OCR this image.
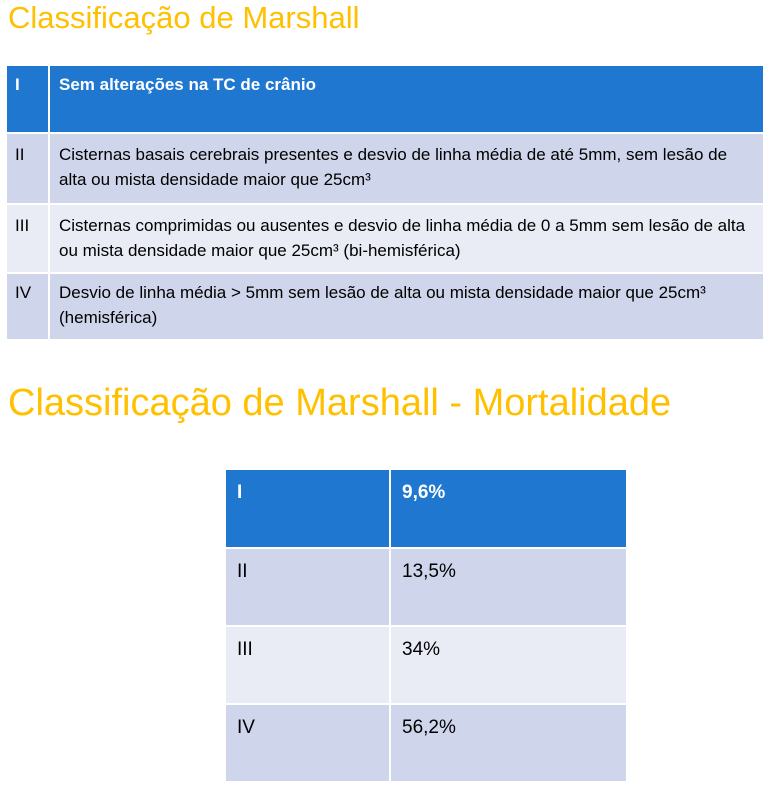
Classificação de Marshall
I	Sem alterações na TC de crânio
II	Cisternas basais cerebrais presentes e desvio de linha média de até 5mm, sem lesão de alta ou mista densidade maior que 25cm³
III	Cisternas comprimidas ou ausentes e desvio de linha média de 0 a 5mm sem lesão de alta ou mista densidade maior que 25cm³ (bi-hemisférica)
IV	Desvio de linha média > 5mm sem lesão de alta ou mista densidade maior que 25cm³ (hemisférica)
Classificação de Marshall - Mortalidade
I	9,6%
II	13,5%
III	34%
IV	56,2%
